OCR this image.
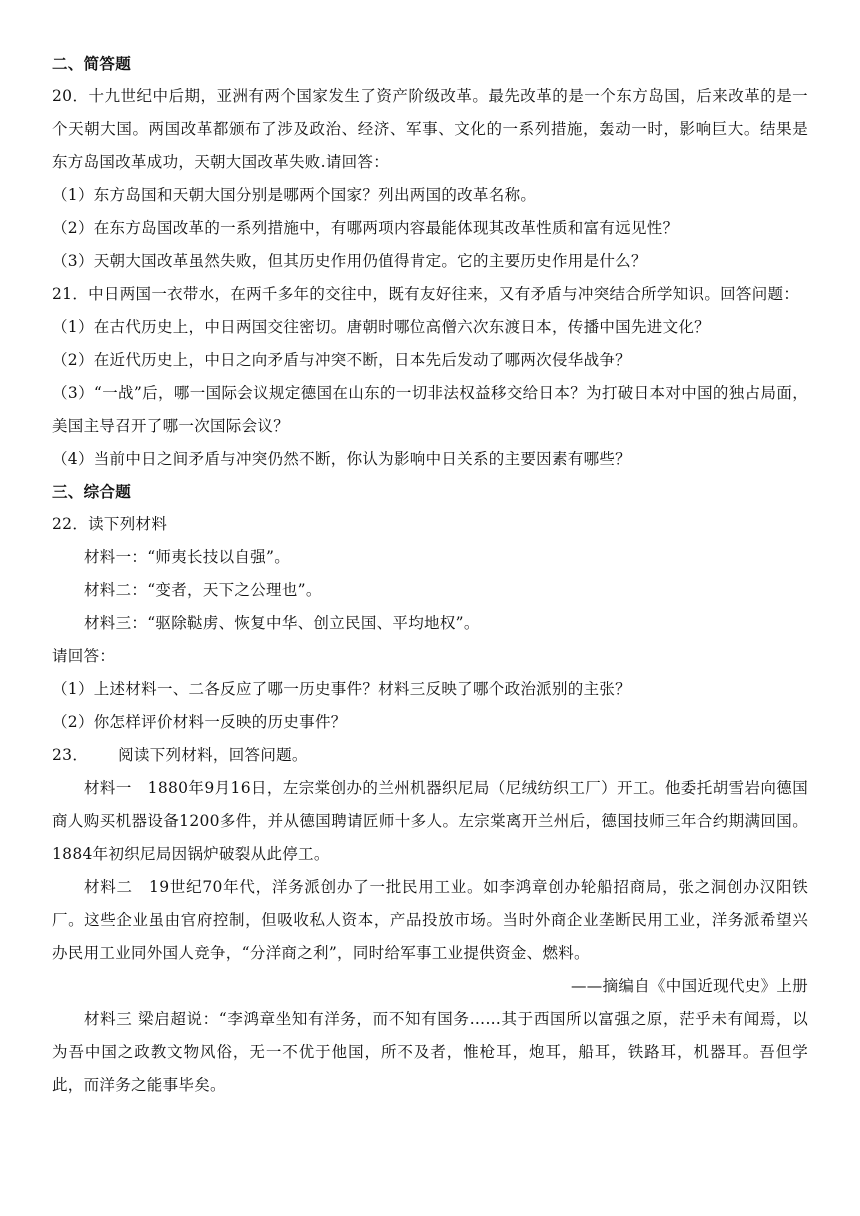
二、简答题
20．十九世纪中后期，亚洲有两个国家发生了资产阶级改革。最先改革的是一个东方岛国，后来改革的是一个天朝大国。两国改革都颁布了涉及政治、经济、军事、文化的一系列措施，轰动一时，影响巨大。结果是东方岛国改革成功，天朝大国改革失败.请回答：
（1）东方岛国和天朝大国分别是哪两个国家？列出两国的改革名称。
（2）在东方岛国改革的一系列措施中，有哪两项内容最能体现其改革性质和富有远见性？
（3）天朝大国改革虽然失败，但其历史作用仍值得肯定。它的主要历史作用是什么？
21．中日两国一衣带水，在两千多年的交往中，既有友好往来，又有矛盾与冲突结合所学知识。回答问题：
（1）在古代历史上，中日两国交往密切。唐朝时哪位高僧六次东渡日本，传播中国先进文化？
（2）在近代历史上，中日之向矛盾与冲突不断，日本先后发动了哪两次侵华战争？
（3）“一战”后，哪一国际会议规定德国在山东的一切非法权益移交给日本？为打破日本对中国的独占局面，美国主导召开了哪一次国际会议？
（4）当前中日之间矛盾与冲突仍然不断，你认为影响中日关系的主要因素有哪些？
三、综合题
22．读下列材料
材料一：“师夷长技以自强”。
材料二：“变者，天下之公理也”。
材料三：“驱除鞑虏、恢复中华、创立民国、平均地权”。
请回答：
（1）上述材料一、二各反应了哪一历史事件？材料三反映了哪个政治派别的主张？
（2）你怎样评价材料一反映的历史事件？
23． 阅读下列材料，回答问题。
材料一　1880年9月16日，左宗棠创办的兰州机器织尼局（尼绒纺织工厂）开工。他委托胡雪岩向德国商人购买机器设备1200多件，并从德国聘请匠师十多人。左宗棠离开兰州后，德国技师三年合约期满回国。1884年初织尼局因锅炉破裂从此停工。
材料二　19世纪70年代，洋务派创办了一批民用工业。如李鸿章创办轮船招商局，张之洞创办汉阳铁厂。这些企业虽由官府控制，但吸收私人资本，产品投放市场。当时外商企业垄断民用工业，洋务派希望兴办民用工业同外国人竞争，“分洋商之利”，同时给军事工业提供资金、燃料。
——摘编自《中国近现代史》上册
材料三 梁启超说：“李鸿章坐知有洋务，而不知有国务……其于西国所以富强之原，茫乎未有闻焉，以为吾中国之政教文物风俗，无一不优于他国，所不及者，惟枪耳，炮耳，船耳，铁路耳，机器耳。吾但学此，而洋务之能事毕矣。
